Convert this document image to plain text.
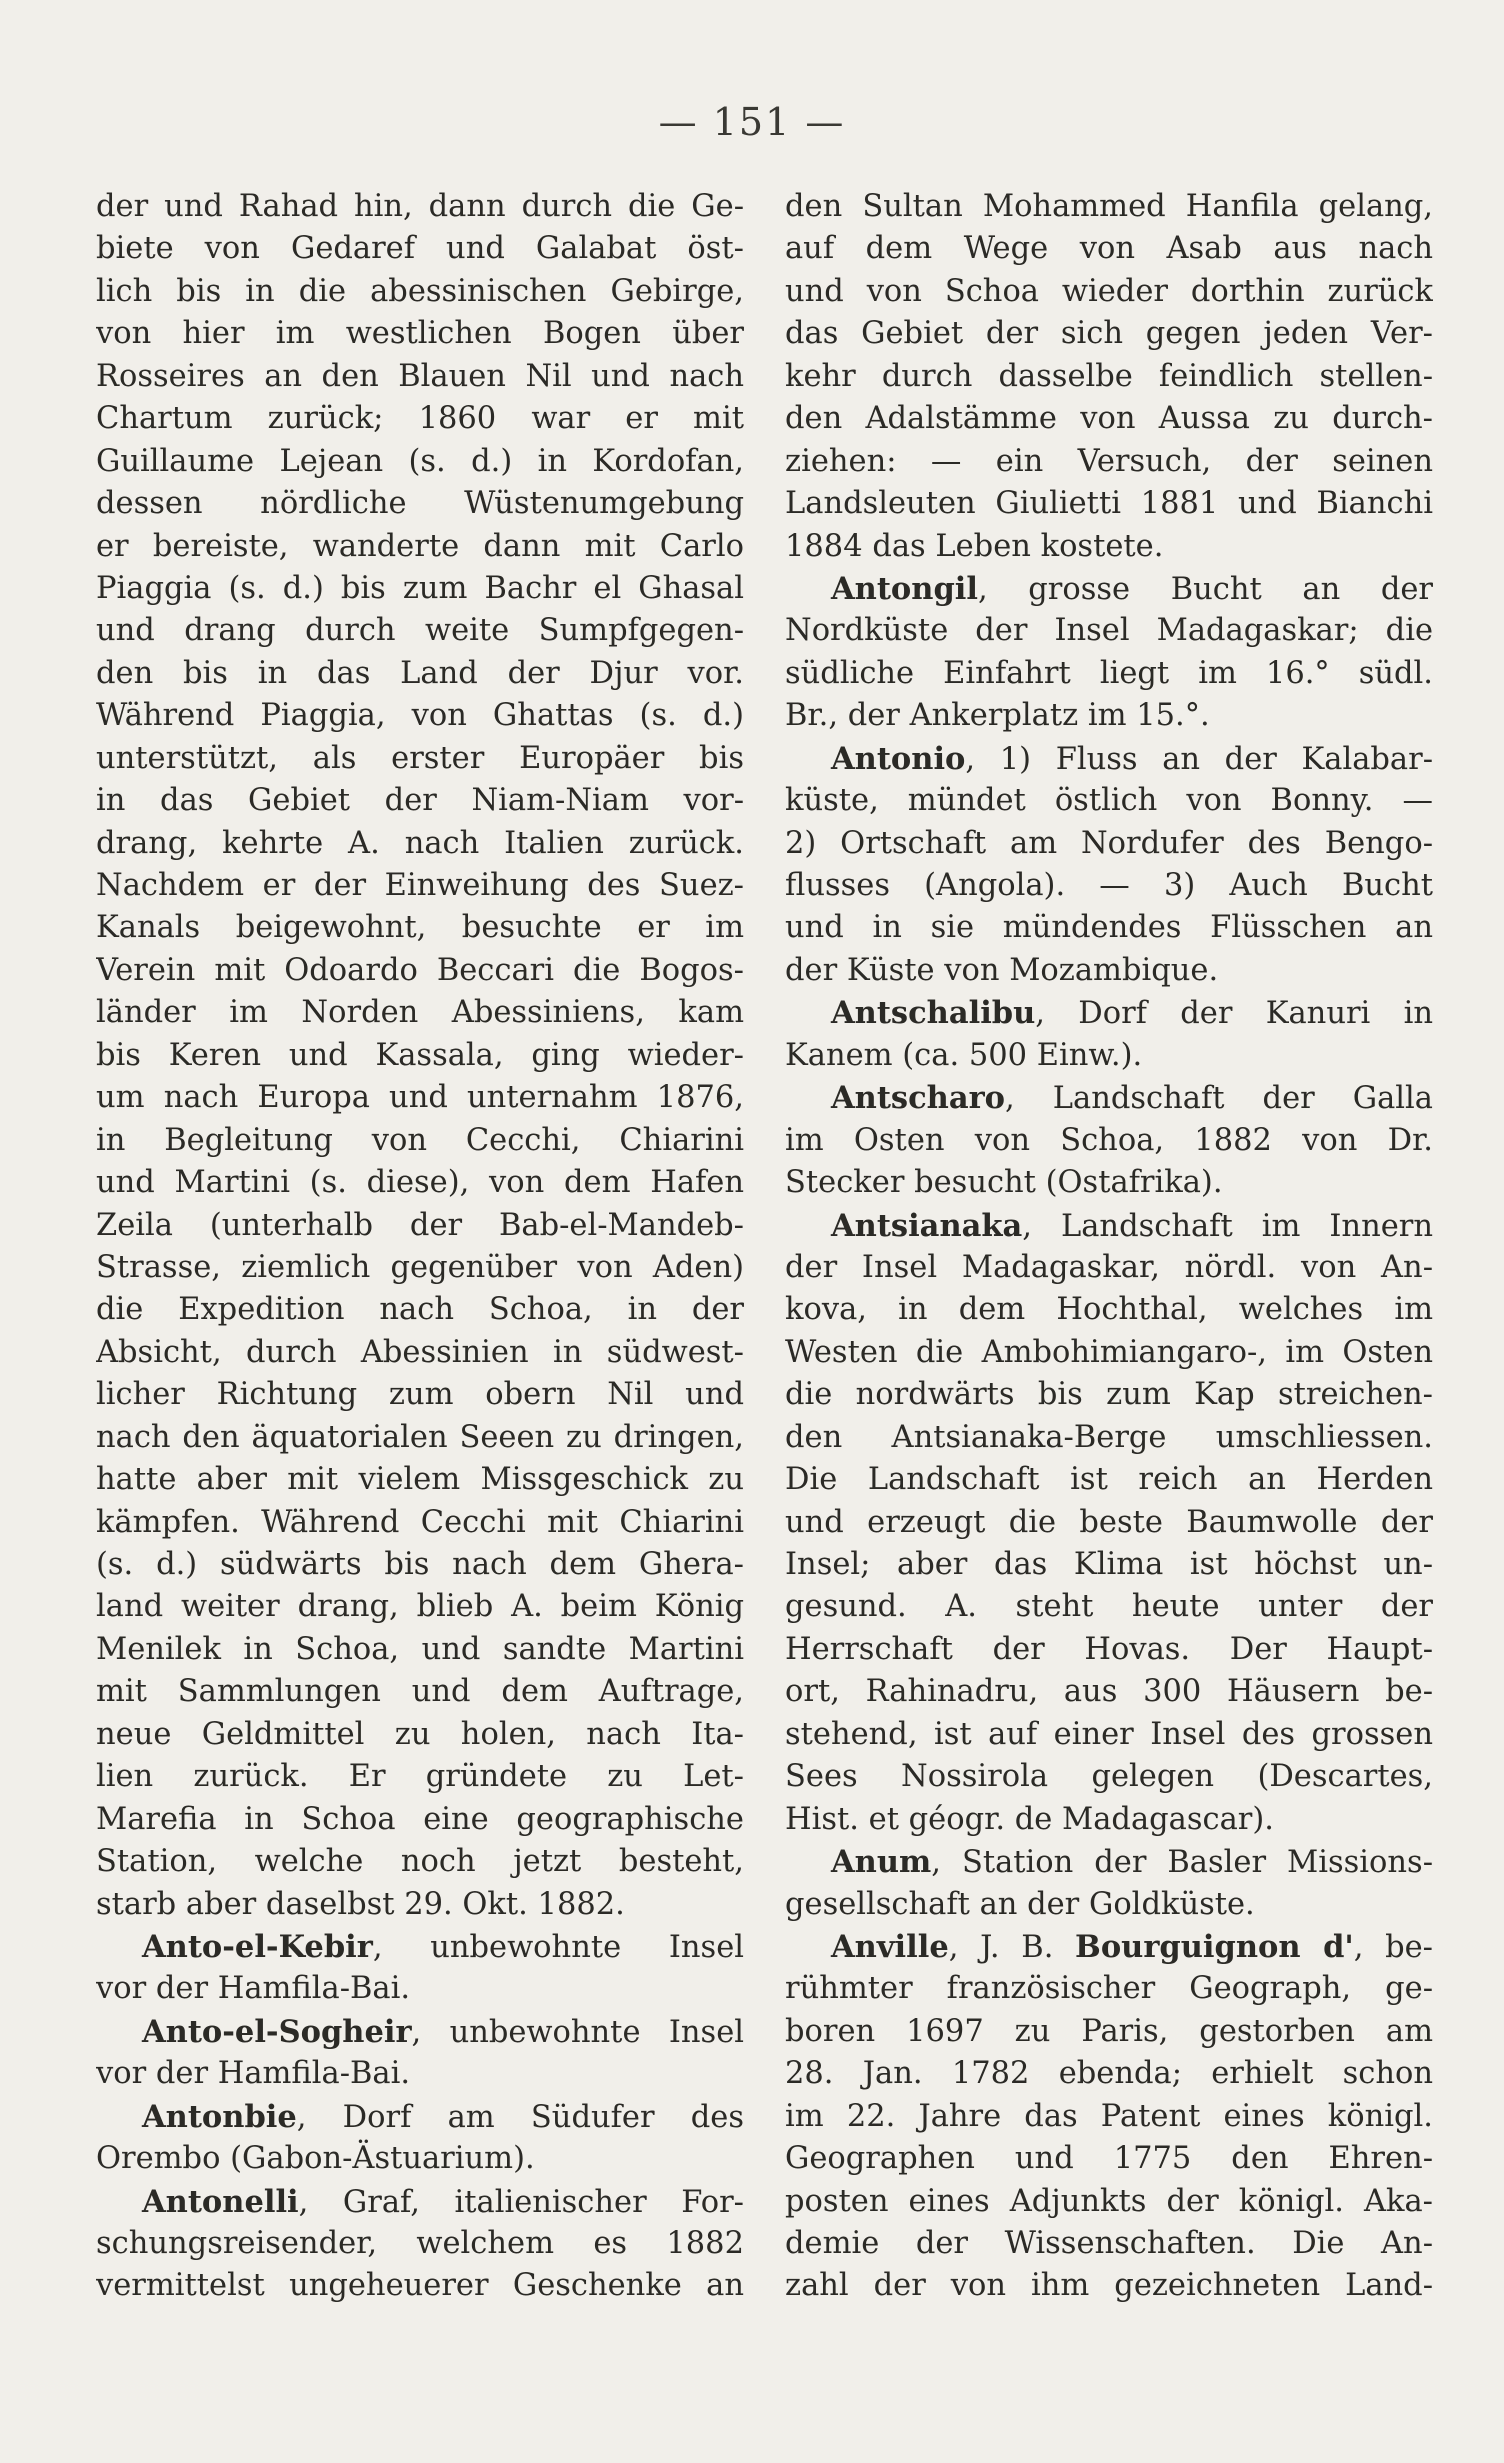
— 151 —
der und Rahad hin, dann durch die Ge-
biete von Gedaref und Galabat öst-
lich bis in die abessinischen Gebirge,
von hier im westlichen Bogen über
Rosseires an den Blauen Nil und nach
Chartum zurück; 1860 war er mit
Guillaume Lejean (s. d.) in Kordofan,
dessen nördliche Wüstenumgebung
er bereiste, wanderte dann mit Carlo
Piaggia (s. d.) bis zum Bachr el Ghasal
und drang durch weite Sumpfgegen-
den bis in das Land der Djur vor.
Während Piaggia, von Ghattas (s. d.)
unterstützt, als erster Europäer bis
in das Gebiet der Niam-Niam vor-
drang, kehrte A. nach Italien zurück.
Nachdem er der Einweihung des Suez-
Kanals beigewohnt, besuchte er im
Verein mit Odoardo Beccari die Bogos-
länder im Norden Abessiniens, kam
bis Keren und Kassala, ging wieder-
um nach Europa und unternahm 1876,
in Begleitung von Cecchi, Chiarini
und Martini (s. diese), von dem Hafen
Zeila (unterhalb der Bab-el-Mandeb-
Strasse, ziemlich gegenüber von Aden)
die Expedition nach Schoa, in der
Absicht, durch Abessinien in südwest-
licher Richtung zum obern Nil und
nach den äquatorialen Seeen zu dringen,
hatte aber mit vielem Missgeschick zu
kämpfen. Während Cecchi mit Chiarini
(s. d.) südwärts bis nach dem Ghera-
land weiter drang, blieb A. beim König
Menilek in Schoa, und sandte Martini
mit Sammlungen und dem Auftrage,
neue Geldmittel zu holen, nach Ita-
lien zurück. Er gründete zu Let-
Marefia in Schoa eine geographische
Station, welche noch jetzt besteht,
starb aber daselbst 29. Okt. 1882.
Anto-el-Kebir, unbewohnte Insel
vor der Hamfila-Bai.
Anto-el-Sogheir, unbewohnte Insel
vor der Hamfila-Bai.
Antonbie, Dorf am Südufer des
Orembo (Gabon-Ästuarium).
Antonelli, Graf, italienischer For-
schungsreisender, welchem es 1882
vermittelst ungeheuerer Geschenke an
den Sultan Mohammed Hanfila gelang,
auf dem Wege von Asab aus nach
und von Schoa wieder dorthin zurück
das Gebiet der sich gegen jeden Ver-
kehr durch dasselbe feindlich stellen-
den Adalstämme von Aussa zu durch-
ziehen: — ein Versuch, der seinen
Landsleuten Giulietti 1881 und Bianchi
1884 das Leben kostete.
Antongil, grosse Bucht an der
Nordküste der Insel Madagaskar; die
südliche Einfahrt liegt im 16.° südl.
Br., der Ankerplatz im 15.°.
Antonio, 1) Fluss an der Kalabar-
küste, mündet östlich von Bonny. —
2) Ortschaft am Nordufer des Bengo-
flusses (Angola). — 3) Auch Bucht
und in sie mündendes Flüsschen an
der Küste von Mozambique.
Antschalibu, Dorf der Kanuri in
Kanem (ca. 500 Einw.).
Antscharo, Landschaft der Galla
im Osten von Schoa, 1882 von Dr.
Stecker besucht (Ostafrika).
Antsianaka, Landschaft im Innern
der Insel Madagaskar, nördl. von An-
kova, in dem Hochthal, welches im
Westen die Ambohimiangaro-, im Osten
die nordwärts bis zum Kap streichen-
den Antsianaka-Berge umschliessen.
Die Landschaft ist reich an Herden
und erzeugt die beste Baumwolle der
Insel; aber das Klima ist höchst un-
gesund. A. steht heute unter der
Herrschaft der Hovas. Der Haupt-
ort, Rahinadru, aus 300 Häusern be-
stehend, ist auf einer Insel des grossen
Sees Nossirola gelegen (Descartes,
Hist. et géogr. de Madagascar).
Anum, Station der Basler Missions-
gesellschaft an der Goldküste.
Anville, J. B. Bourguignon d', be-
rühmter französischer Geograph, ge-
boren 1697 zu Paris, gestorben am
28. Jan. 1782 ebenda; erhielt schon
im 22. Jahre das Patent eines königl.
Geographen und 1775 den Ehren-
posten eines Adjunkts der königl. Aka-
demie der Wissenschaften. Die An-
zahl der von ihm gezeichneten Land-
